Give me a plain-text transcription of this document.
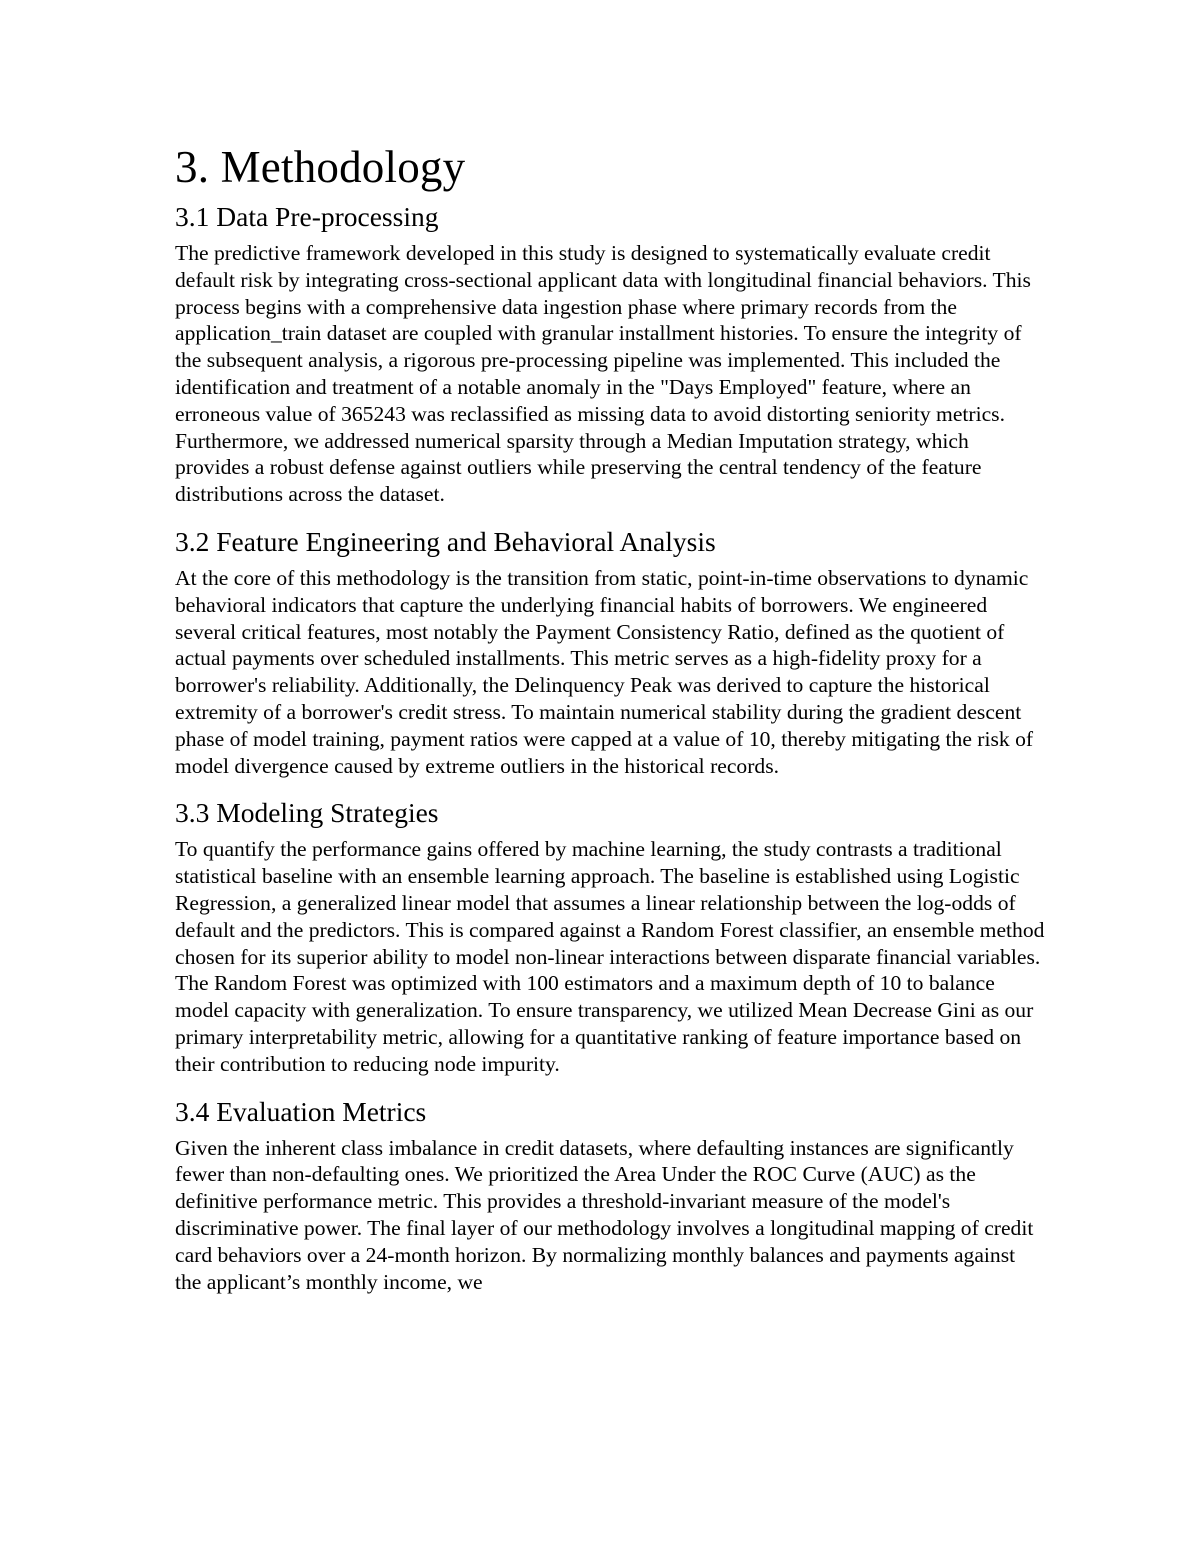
3. Methodology
3.1 Data Pre-processing

The predictive framework developed in this study is designed to systematically evaluate credit default risk by integrating cross-sectional applicant data with longitudinal financial behaviors. This process begins with a comprehensive data ingestion phase where primary records from the application_train dataset are coupled with granular installment histories. To ensure the integrity of the subsequent analysis, a rigorous pre-processing pipeline was implemented. This included the identification and treatment of a notable anomaly in the "Days Employed" feature, where an erroneous value of 365243 was reclassified as missing data to avoid distorting seniority metrics. Furthermore, we addressed numerical sparsity through a Median Imputation strategy, which provides a robust defense against outliers while preserving the central tendency of the feature distributions across the dataset.

3.2 Feature Engineering and Behavioral Analysis

At the core of this methodology is the transition from static, point-in-time observations to dynamic behavioral indicators that capture the underlying financial habits of borrowers. We engineered several critical features, most notably the Payment Consistency Ratio, defined as the quotient of actual payments over scheduled installments. This metric serves as a high-fidelity proxy for a borrower's reliability. Additionally, the Delinquency Peak was derived to capture the historical extremity of a borrower's credit stress. To maintain numerical stability during the gradient descent phase of model training, payment ratios were capped at a value of 10, thereby mitigating the risk of model divergence caused by extreme outliers in the historical records.

3.3 Modeling Strategies

To quantify the performance gains offered by machine learning, the study contrasts a traditional statistical baseline with an ensemble learning approach. The baseline is established using Logistic Regression, a generalized linear model that assumes a linear relationship between the log-odds of default and the predictors. This is compared against a Random Forest classifier, an ensemble method chosen for its superior ability to model non-linear interactions between disparate financial variables. The Random Forest was optimized with 100 estimators and a maximum depth of 10 to balance model capacity with generalization. To ensure transparency, we utilized Mean Decrease Gini as our primary interpretability metric, allowing for a quantitative ranking of feature importance based on their contribution to reducing node impurity.

3.4 Evaluation Metrics

Given the inherent class imbalance in credit datasets, where defaulting instances are significantly fewer than non-defaulting ones. We prioritized the Area Under the ROC Curve (AUC) as the definitive performance metric. This provides a threshold-invariant measure of the model's discriminative power. The final layer of our methodology involves a longitudinal mapping of credit card behaviors over a 24-month horizon. By normalizing monthly balances and payments against the applicant’s monthly income, we
